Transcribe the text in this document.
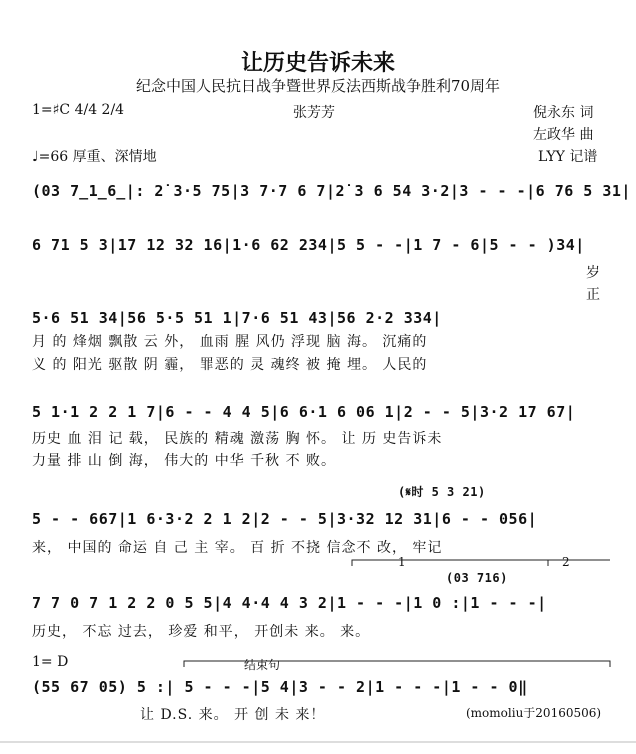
让历史告诉未来
纪念中国人民抗日战争暨世界反法西斯战争胜利70周年
1=♯C 4/4 2/4	张芳芳	倪永东 词
左政华 曲
♩=66 厚重、深情地	LYY 记谱
(03 7̲1̲6̲|: 2̇ 3·5 75|3 7·7 6 7|2̇ 3 6 54 3·2|3 - - -|6 76 5 31|
6 71 5 3|17 12 32 16|1·6 62 234|5 5 - -|1 7 - 6|5 - - )34|
岁
正
5·6 51 34|56 5·5 51 1|7·6 51 43|56 2·2 334|
月 的 烽烟 飘散 云 外， 血雨 腥 风仍 浮现 脑 海。 沉痛的
义 的 阳光 驱散 阴 霾， 罪恶的 灵 魂终 被 掩 埋。 人民的
5 1·1 2 2 1 7|6 - - 4 4 5|6 6·1 6 06 1|2 - - 5|3·2 17 67|
历史 血 泪 记 载， 民族的 精魂 激荡 胸 怀。 让 历 史告诉未
力量 排 山 倒 海， 伟大的 中华 千秋 不 败。
(𝄋时 5 3 21)
5 - - 667|1 6·3·2 2 1 2|2 - - 5|3·32 12 31|6 - - 056|
来， 中国的 命运 自 己 主 宰。 百 折 不挠 信念不 改， 牢记
1	2
(03 716)
7 7 0 7 1 2 2 0 5 5|4 4·4 4 3 2|1 - - -|1 0 :|1 - - -|
历史， 不忘 过去， 珍爱 和平， 开创未 来。 来。
1= D	结束句
(55 67 05) 5 :| 5 - - -|5 4|3 - - 2|1 - - -|1 - - 0‖
让 D.S. 来。 开 创 未 来！	(momoliu于20160506)
